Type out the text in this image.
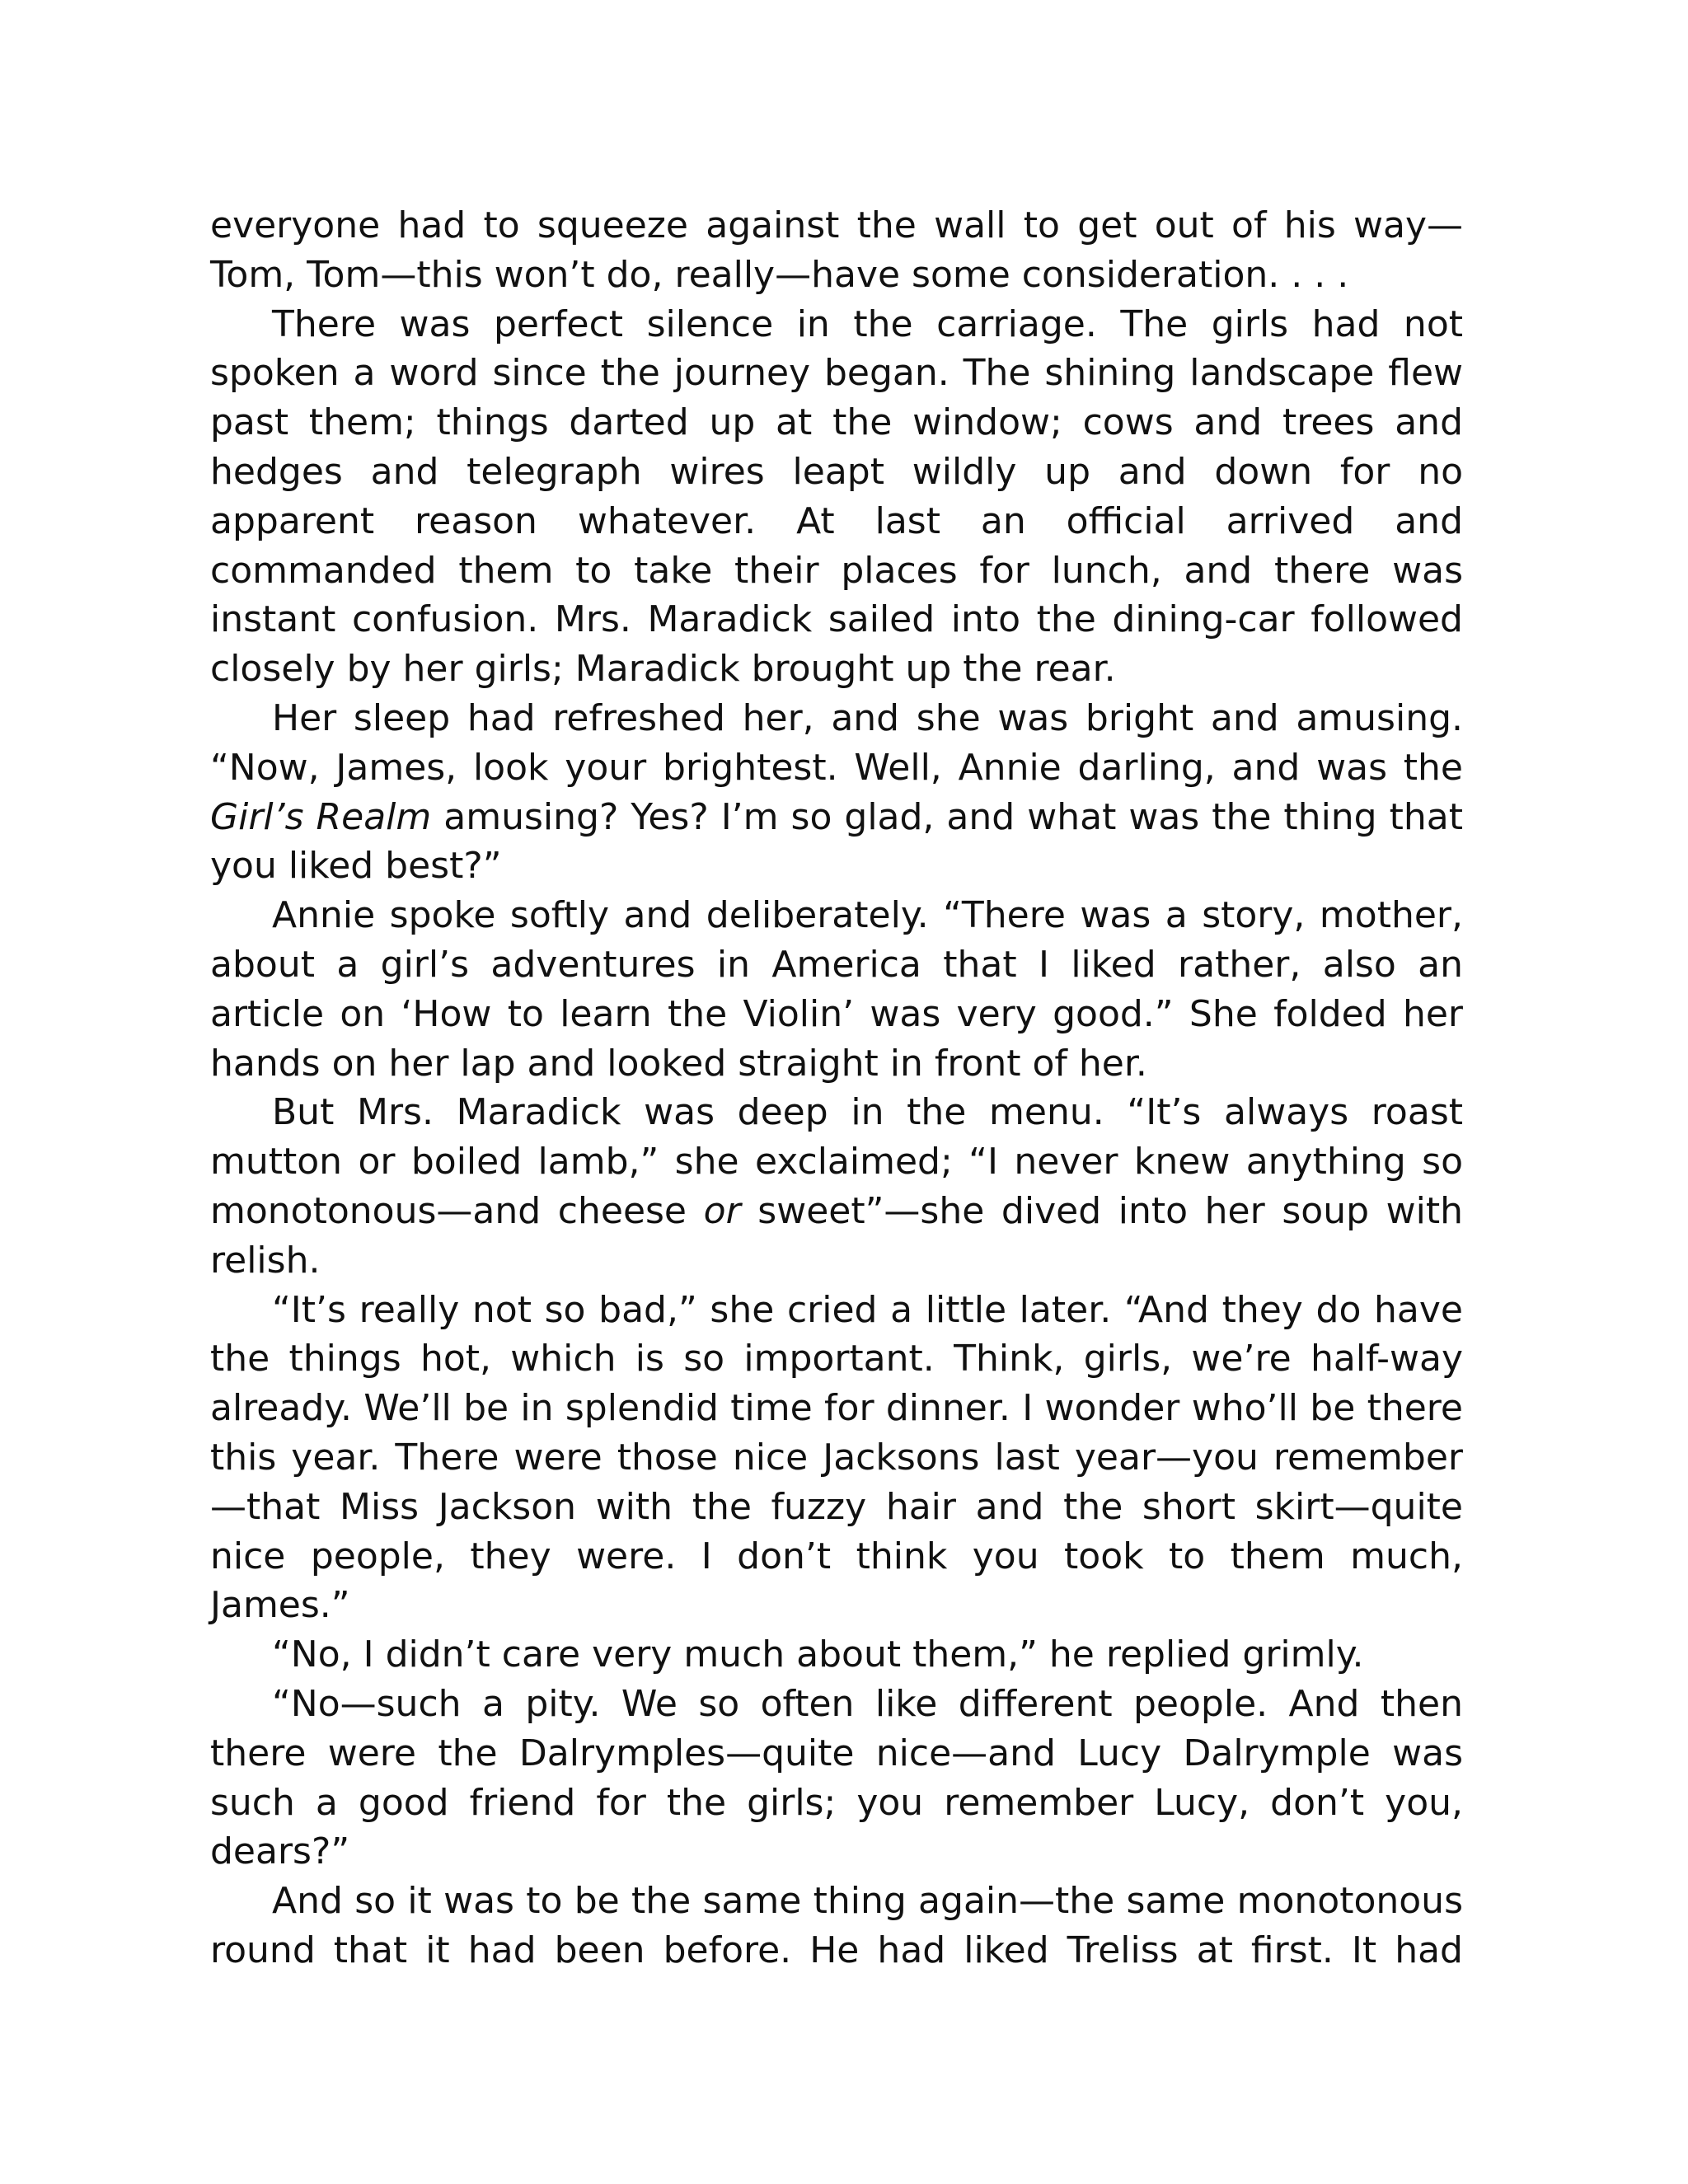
everyone had to squeeze against the wall to get out of his way—Tom, Tom—this won’t do, really—have some consideration. . . .

There was perfect silence in the carriage. The girls had not spoken a word since the journey began. The shining landscape flew past them; things darted up at the window; cows and trees and hedges and telegraph wires leapt wildly up and down for no apparent reason whatever. At last an official arrived and commanded them to take their places for lunch, and there was instant confusion. Mrs. Maradick sailed into the dining-car followed closely by her girls; Maradick brought up the rear.

Her sleep had refreshed her, and she was bright and amusing. “Now, James, look your brightest. Well, Annie darling, and was the Girl’s Realm amusing? Yes? I’m so glad, and what was the thing that you liked best?”

Annie spoke softly and deliberately. “There was a story, mother, about a girl’s adventures in America that I liked rather, also an article on ‘How to learn the Violin’ was very good.” She folded her hands on her lap and looked straight in front of her.

But Mrs. Maradick was deep in the menu. “It’s always roast mutton or boiled lamb,” she exclaimed; “I never knew anything so monotonous—and cheese or sweet”—she dived into her soup with relish.

“It’s really not so bad,” she cried a little later. “And they do have the things hot, which is so important. Think, girls, we’re half-way already. We’ll be in splendid time for dinner. I wonder who’ll be there this year. There were those nice Jacksons last year—you remember —that Miss Jackson with the fuzzy hair and the short skirt—quite nice people, they were. I don’t think you took to them much, James.”

“No, I didn’t care very much about them,” he replied grimly.

“No—such a pity. We so often like different people. And then there were the Dalrymples—quite nice—and Lucy Dalrymple was such a good friend for the girls; you remember Lucy, don’t you, dears?”

And so it was to be the same thing again—the same monotonous round that it had been before. He had liked Treliss at first. It had
